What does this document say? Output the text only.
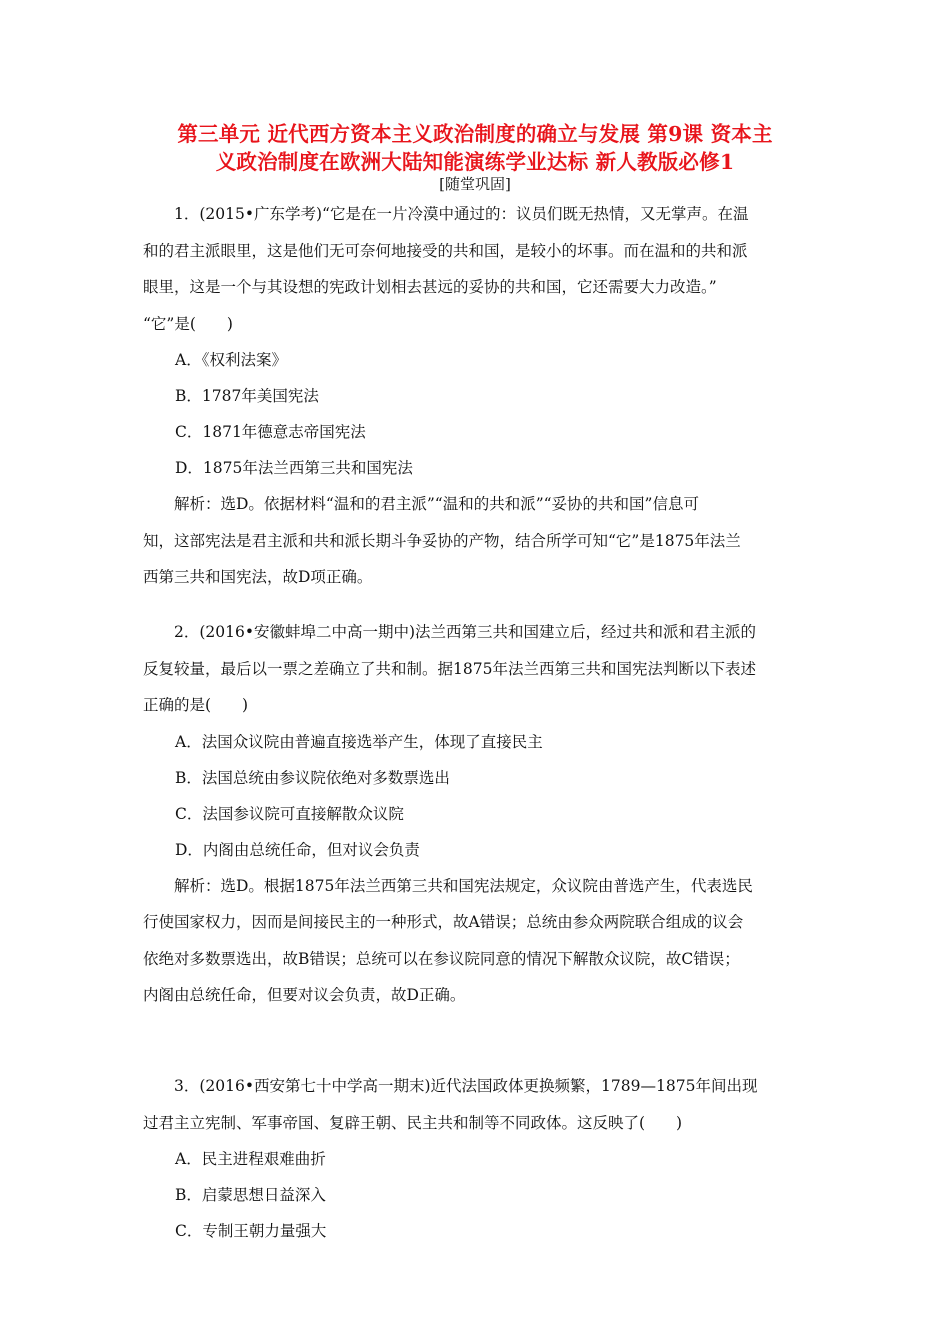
第三单元 近代西方资本主义政治制度的确立与发展 第9课 资本主
义政治制度在欧洲大陆知能演练学业达标 新人教版必修1
[随堂巩固]

1．(2015•广东学考)“它是在一片冷漠中通过的：议员们既无热情，又无掌声。在温

和的君主派眼里，这是他们无可奈何地接受的共和国，是较小的坏事。而在温和的共和派
眼里，这是一个与其设想的宪政计划相去甚远的妥协的共和国，它还需要大力改造。”
“它”是(　　)

A．《权利法案》

B．1787年美国宪法

C．1871年德意志帝国宪法

D．1875年法兰西第三共和国宪法

解析：选D。依据材料“温和的君主派”“温和的共和派”“妥协的共和国”信息可

知，这部宪法是君主派和共和派长期斗争妥协的产物，结合所学可知“它”是1875年法兰
西第三共和国宪法，故D项正确。

2．(2016•安徽蚌埠二中高一期中)法兰西第三共和国建立后，经过共和派和君主派的

反复较量，最后以一票之差确立了共和制。据1875年法兰西第三共和国宪法判断以下表述
正确的是(　　)

A．法国众议院由普遍直接选举产生，体现了直接民主

B．法国总统由参议院依绝对多数票选出

C．法国参议院可直接解散众议院

D．内阁由总统任命，但对议会负责

解析：选D。根据1875年法兰西第三共和国宪法规定，众议院由普选产生，代表选民

行使国家权力，因而是间接民主的一种形式，故A错误；总统由参众两院联合组成的议会
依绝对多数票选出，故B错误；总统可以在参议院同意的情况下解散众议院，故C错误；
内阁由总统任命，但要对议会负责，故D正确。

3．(2016•西安第七十中学高一期末)近代法国政体更换频繁，1789—1875年间出现

过君主立宪制、军事帝国、复辟王朝、民主共和制等不同政体。这反映了(　　)

A．民主进程艰难曲折

B．启蒙思想日益深入

C．专制王朝力量强大
